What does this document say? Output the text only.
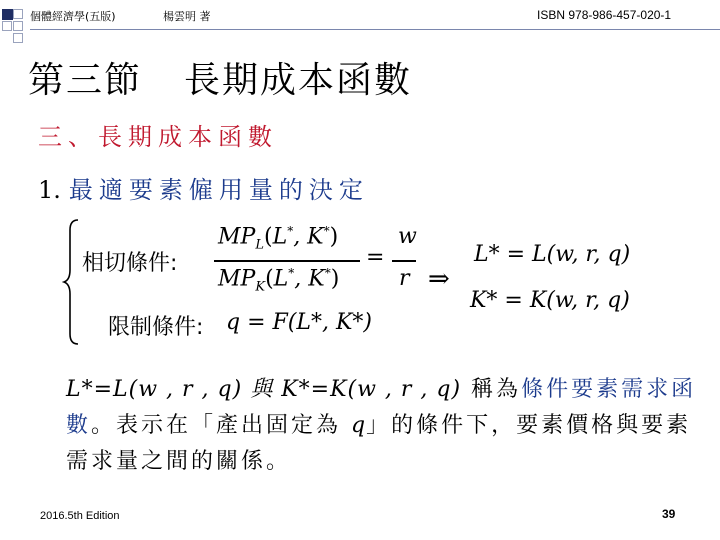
個體經濟學(五版)	楊雲明 著	ISBN 978-986-457-020-1
第三節 長期成本函數
三、長期成本函數
1. 最適要素僱用量的決定
相切條件:
$MP_L(L^*$, K*)
$MP_K(L^*$, K*)
=
w
r ⇒
L* = L(w, r, q)
K* = K(w, r, q)
限制條件: q = F(L*, K*)
L*=L(w , r , q) 與 K*=K(w , r , q) 稱為條件要素需求函數。表示在「產出固定為 q」的條件下，要素價格與要素需求量之間的關係。
2016.5th Edition	39
